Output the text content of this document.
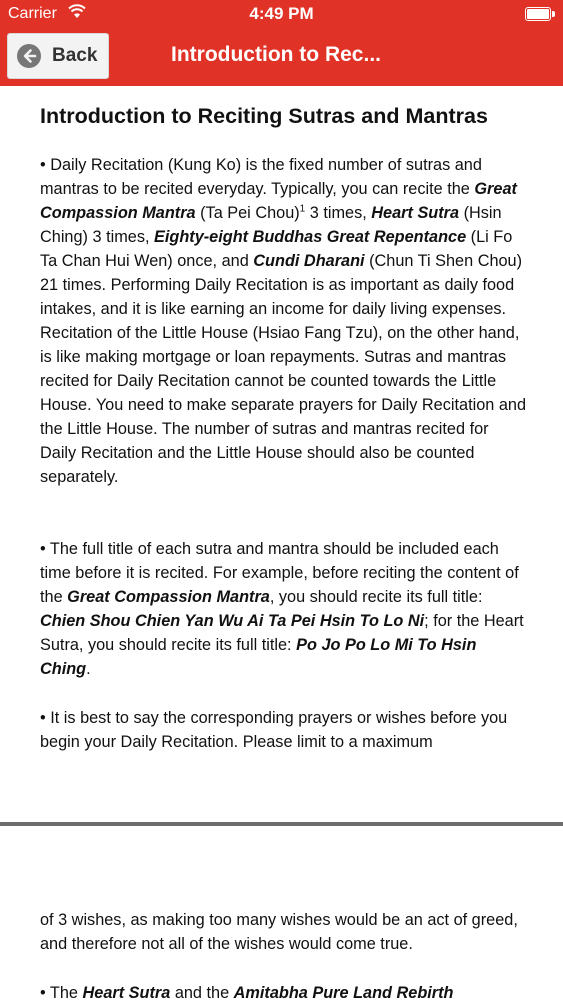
Carrier	4:49 PM
Back	Introduction to Rec...
Introduction to Reciting Sutras and Mantras

• Daily Recitation (Kung Ko) is the fixed number of sutras and mantras to be recited everyday. Typically, you can recite the Great Compassion Mantra (Ta Pei Chou)$^1$ 3 times, Heart Sutra (Hsin Ching) 3 times, Eighty-eight Buddhas Great Repentance (Li Fo Ta Chan Hui Wen) once, and Cundi Dharani (Chun Ti Shen Chou) 21 times. Performing Daily Recitation is as important as daily food intakes, and it is like earning an income for daily living expenses. Recitation of the Little House (Hsiao Fang Tzu), on the other hand, is like making mortgage or loan repayments. Sutras and mantras recited for Daily Recitation cannot be counted towards the Little House. You need to make separate prayers for Daily Recitation and the Little House. The number of sutras and mantras recited for Daily Recitation and the Little House should also be counted separately.

• The full title of each sutra and mantra should be included each time before it is recited. For example, before reciting the content of the Great Compassion Mantra, you should recite its full title: Chien Shou Chien Yan Wu Ai Ta Pei Hsin To Lo Ni; for the Heart Sutra, you should recite its full title: Po Jo Po Lo Mi To Hsin Ching.

• It is best to say the corresponding prayers or wishes before you begin your Daily Recitation. Please limit to a maximum

of 3 wishes, as making too many wishes would be an act of greed, and therefore not all of the wishes would come true.

• The Heart Sutra and the Amitabha Pure Land Rebirth
